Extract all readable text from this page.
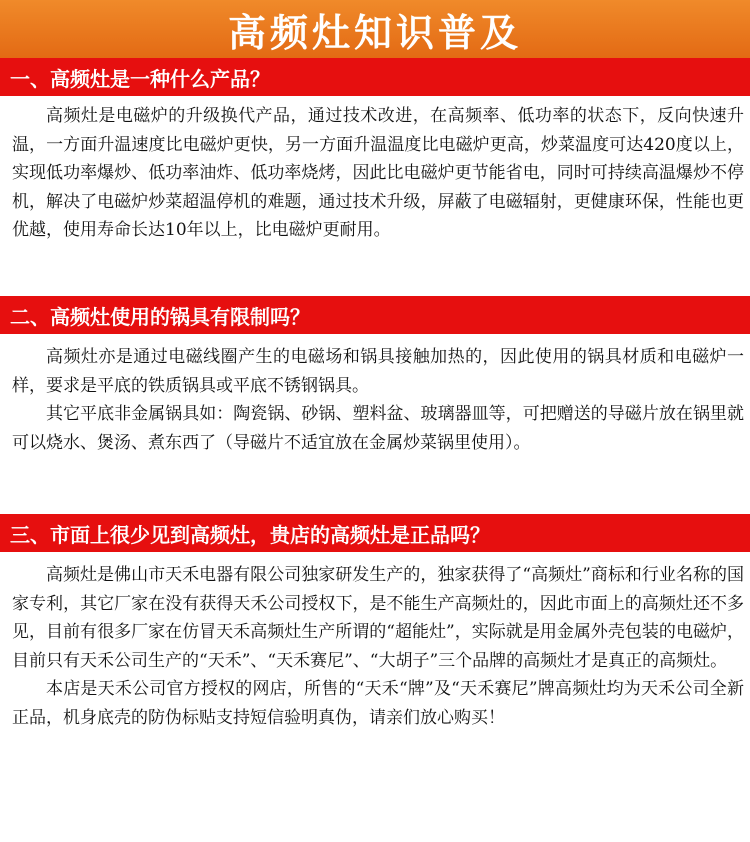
高频灶知识普及
一、高频灶是一种什么产品？

高频灶是电磁炉的升级换代产品，通过技术改进，在高频率、低功率的状态下，反向快速升温，一方面升温速度比电磁炉更快，另一方面升温温度比电磁炉更高，炒菜温度可达420度以上，实现低功率爆炒、低功率油炸、低功率烧烤，因此比电磁炉更节能省电，同时可持续高温爆炒不停机，解决了电磁炉炒菜超温停机的难题，通过技术升级，屏蔽了电磁辐射，更健康环保，性能也更优越，使用寿命长达10年以上，比电磁炉更耐用。

二、高频灶使用的锅具有限制吗？

高频灶亦是通过电磁线圈产生的电磁场和锅具接触加热的，因此使用的锅具材质和电磁炉一样，要求是平底的铁质锅具或平底不锈钢锅具。

其它平底非金属锅具如：陶瓷锅、砂锅、塑料盆、玻璃器皿等，可把赠送的导磁片放在锅里就可以烧水、煲汤、煮东西了（导磁片不适宜放在金属炒菜锅里使用）。

三、市面上很少见到高频灶，贵店的高频灶是正品吗？

高频灶是佛山市天禾电器有限公司独家研发生产的，独家获得了“高频灶”商标和行业名称的国家专利，其它厂家在没有获得天禾公司授权下，是不能生产高频灶的，因此市面上的高频灶还不多见，目前有很多厂家在仿冒天禾高频灶生产所谓的“超能灶”，实际就是用金属外壳包装的电磁炉，目前只有天禾公司生产的“天禾”、“天禾赛尼”、“大胡子”三个品牌的高频灶才是真正的高频灶。

本店是天禾公司官方授权的网店，所售的“天禾“牌”及“天禾赛尼”牌高频灶均为天禾公司全新正品，机身底壳的防伪标贴支持短信验明真伪，请亲们放心购买！
